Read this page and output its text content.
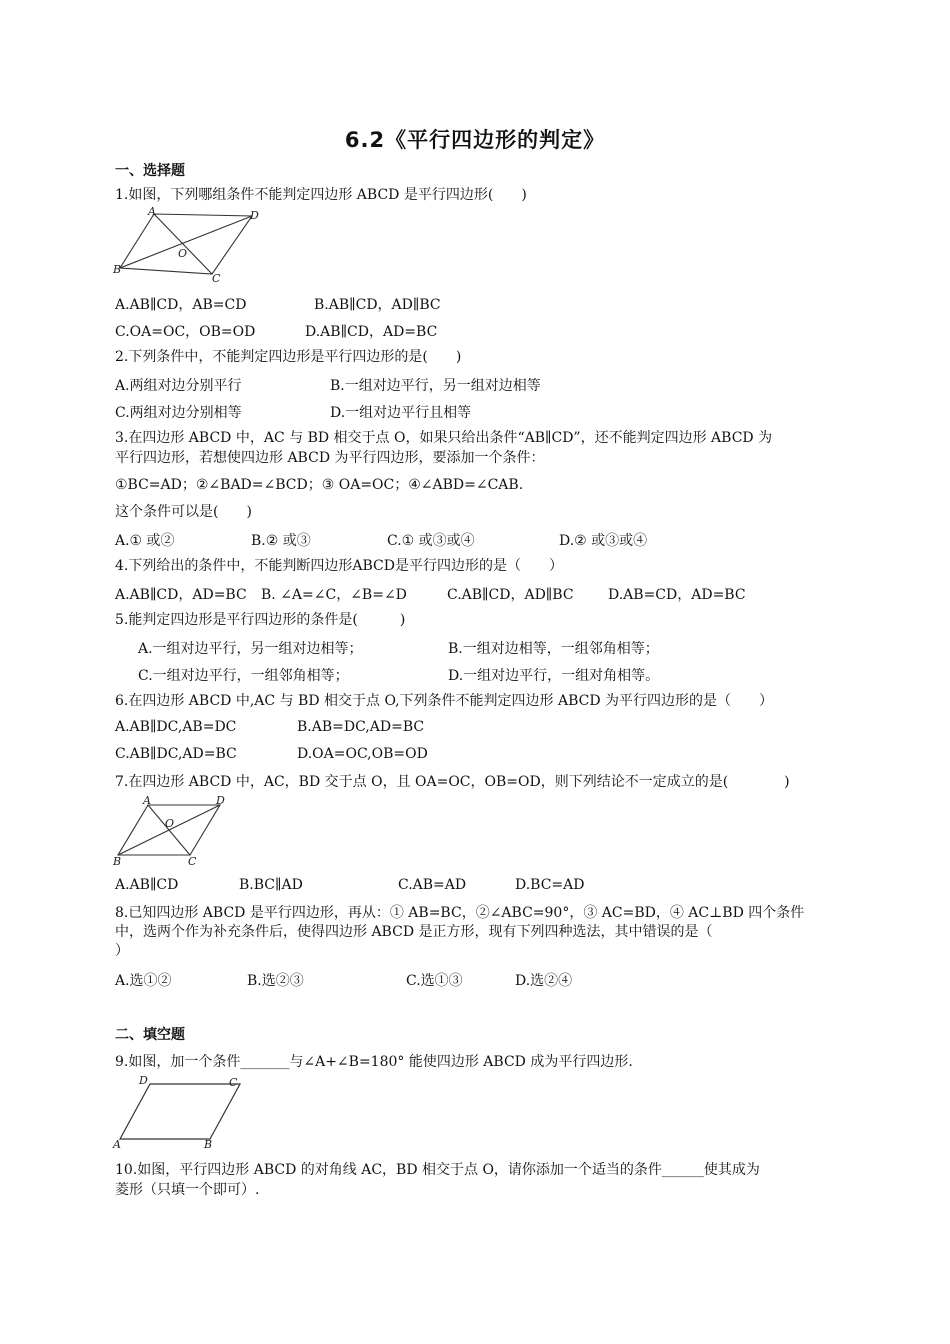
6.2《平行四边形的判定》
一、选择题
1.如图，下列哪组条件不能判定四边形 ABCD 是平行四边形(　　)
A	D
B
C
O
A.AB∥CD，AB=CD	B.AB∥CD，AD∥BC
C.OA=OC，OB=OD	D.AB∥CD，AD=BC
2.下列条件中，不能判定四边形是平行四边形的是(　　)
A.两组对边分别平行	B.一组对边平行，另一组对边相等
C.两组对边分别相等	D.一组对边平行且相等
3.在四边形 ABCD 中，AC 与 BD 相交于点 O，如果只给出条件“AB∥CD”，还不能判定四边形 ABCD 为
平行四边形，若想使四边形 ABCD 为平行四边形，要添加一个条件：
①BC=AD；②∠BAD=∠BCD；③ OA=OC；④∠ABD=∠CAB.
这个条件可以是(　　)
A.① 或②	B.② 或③	C.① 或③或④	D.② 或③或④
4.下列给出的条件中，不能判断四边形ABCD是平行四边形的是（　　）
A.AB∥CD，AD=BC B. ∠A=∠C，∠B=∠D	C.AB∥CD，AD∥BC D.AB=CD，AD=BC
5.能判定四边形是平行四边形的条件是(　　　)
A.一组对边平行，另一组对边相等；	B.一组对边相等，一组邻角相等；
C.一组对边平行，一组邻角相等；	D.一组对边平行，一组对角相等。
6.在四边形 ABCD 中,AC 与 BD 相交于点 O,下列条件不能判定四边形 ABCD 为平行四边形的是（　　）
A.AB∥DC,AB=DC	B.AB=DC,AD=BC
C.AB∥DC,AD=BC	D.OA=OC,OB=OD
7.在四边形 ABCD 中，AC，BD 交于点 O，且 OA=OC，OB=OD，则下列结论不一定成立的是(　　　　)
A	D
B	C
O
A.AB∥CD	B.BC∥AD	C.AB=AD	D.BC=AD
8.已知四边形 ABCD 是平行四边形，再从：① AB=BC，②∠ABC=90°，③ AC=BD，④ AC⊥BD 四个条件
中，选两个作为补充条件后，使得四边形 ABCD 是正方形，现有下列四种选法，其中错误的是（
）
A.选①②	B.选②③	C.选①③	D.选②④
二、填空题
9.如图，加一个条件_______与∠A+∠B=180° 能使四边形 ABCD 成为平行四边形.
D	C
A	B
10.如图，平行四边形 ABCD 的对角线 AC，BD 相交于点 O，请你添加一个适当的条件______使其成为
菱形（只填一个即可）.
